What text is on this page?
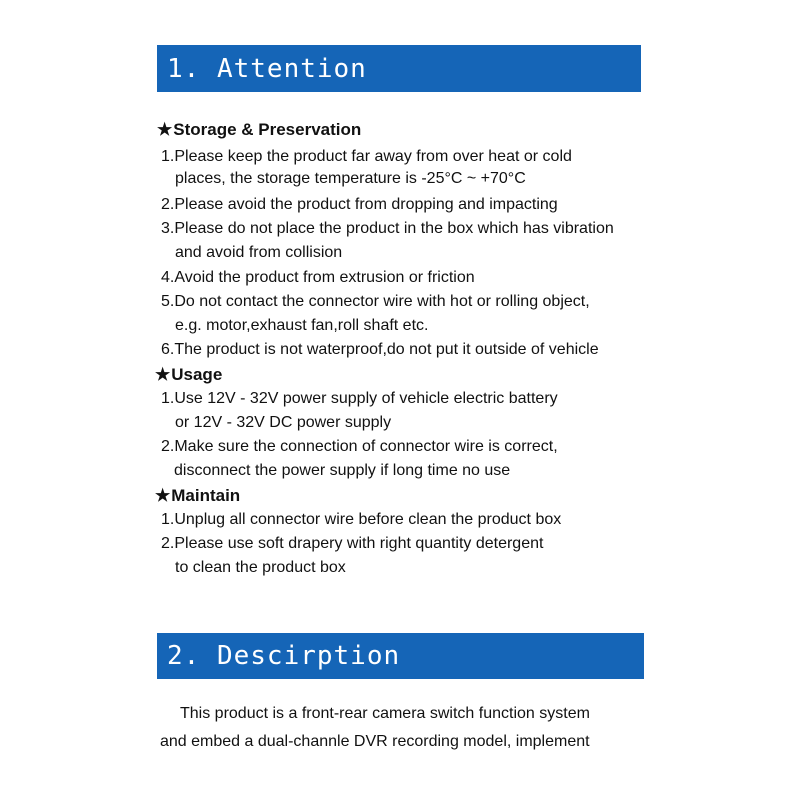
1. Attention
★Storage & Preservation
1.Please keep the product far away from over heat or cold
places, the storage temperature is -25°C ~ +70°C
2.Please avoid the product from dropping and impacting
3.Please do not place the product in the box which has vibration
and avoid from collision
4.Avoid the product from extrusion or friction
5.Do not contact the connector wire with hot or rolling object,
e.g. motor,exhaust fan,roll shaft etc.
6.The product is not waterproof,do not put it outside of vehicle
★Usage
1.Use 12V - 32V power supply of vehicle electric battery
or 12V - 32V DC power supply
2.Make sure the connection of connector wire is correct,
disconnect the power supply if long time no use
★Maintain
1.Unplug all connector wire before clean the product box
2.Please use soft drapery with right quantity detergent
to clean the product box
2. Descirption
This product is a front-rear camera switch function system
and embed a dual-channle DVR recording model, implement
